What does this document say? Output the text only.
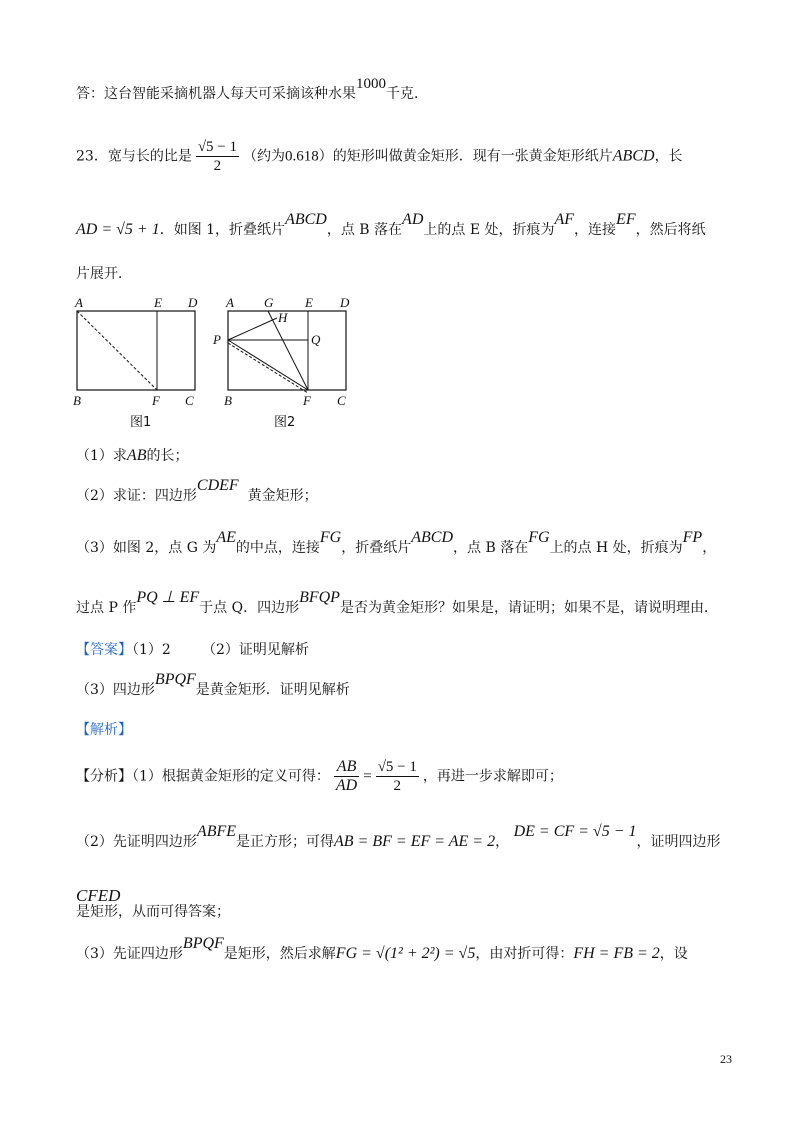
答：这台智能采摘机器人每天可采摘该种水果1000千克．
23．宽与长的比是 $\frac{√5 - 1}{2}$ （约为0.618）的矩形叫做黄金矩形．现有一张黄金矩形纸片ABCD，长
AD = √5 + 1．如图 1，折叠纸片ABCD，点 B 落在AD上的点 E 处，折痕为AF，连接EF，然后将纸
片展开．
A	E D
B	F C
图1
A G E D
H
P	Q
B	F C
图2
（1）求AB的长；
（2）求证：四边形CDEF  黄金矩形；
（3）如图 2，点 G 为AE的中点，连接FG，折叠纸片ABCD，点 B 落在FG上的点 H 处，折痕为FP，
过点 P 作PQ ⊥ EF于点 Q．四边形BFQP是否为黄金矩形？如果是，请证明；如果不是，请说明理由．
【答案】（1）2 （2）证明见解析
（3）四边形BPQF是黄金矩形．证明见解析
【解析】
【分析】（1）根据黄金矩形的定义可得： $\frac{AB}{AD} = \frac{√5 - 1}{2}$ ，再进一步求解即可；
（2）先证明四边形ABFE是正方形；可得AB = BF = EF = AE = 2， DE = CF = √5 − 1，证明四边形
CFED
是矩形，从而可得答案；
（3）先证四边形BPQF是矩形，然后求解FG = √(1² + 2²) = √5，由对折可得：FH = FB = 2，设
23
